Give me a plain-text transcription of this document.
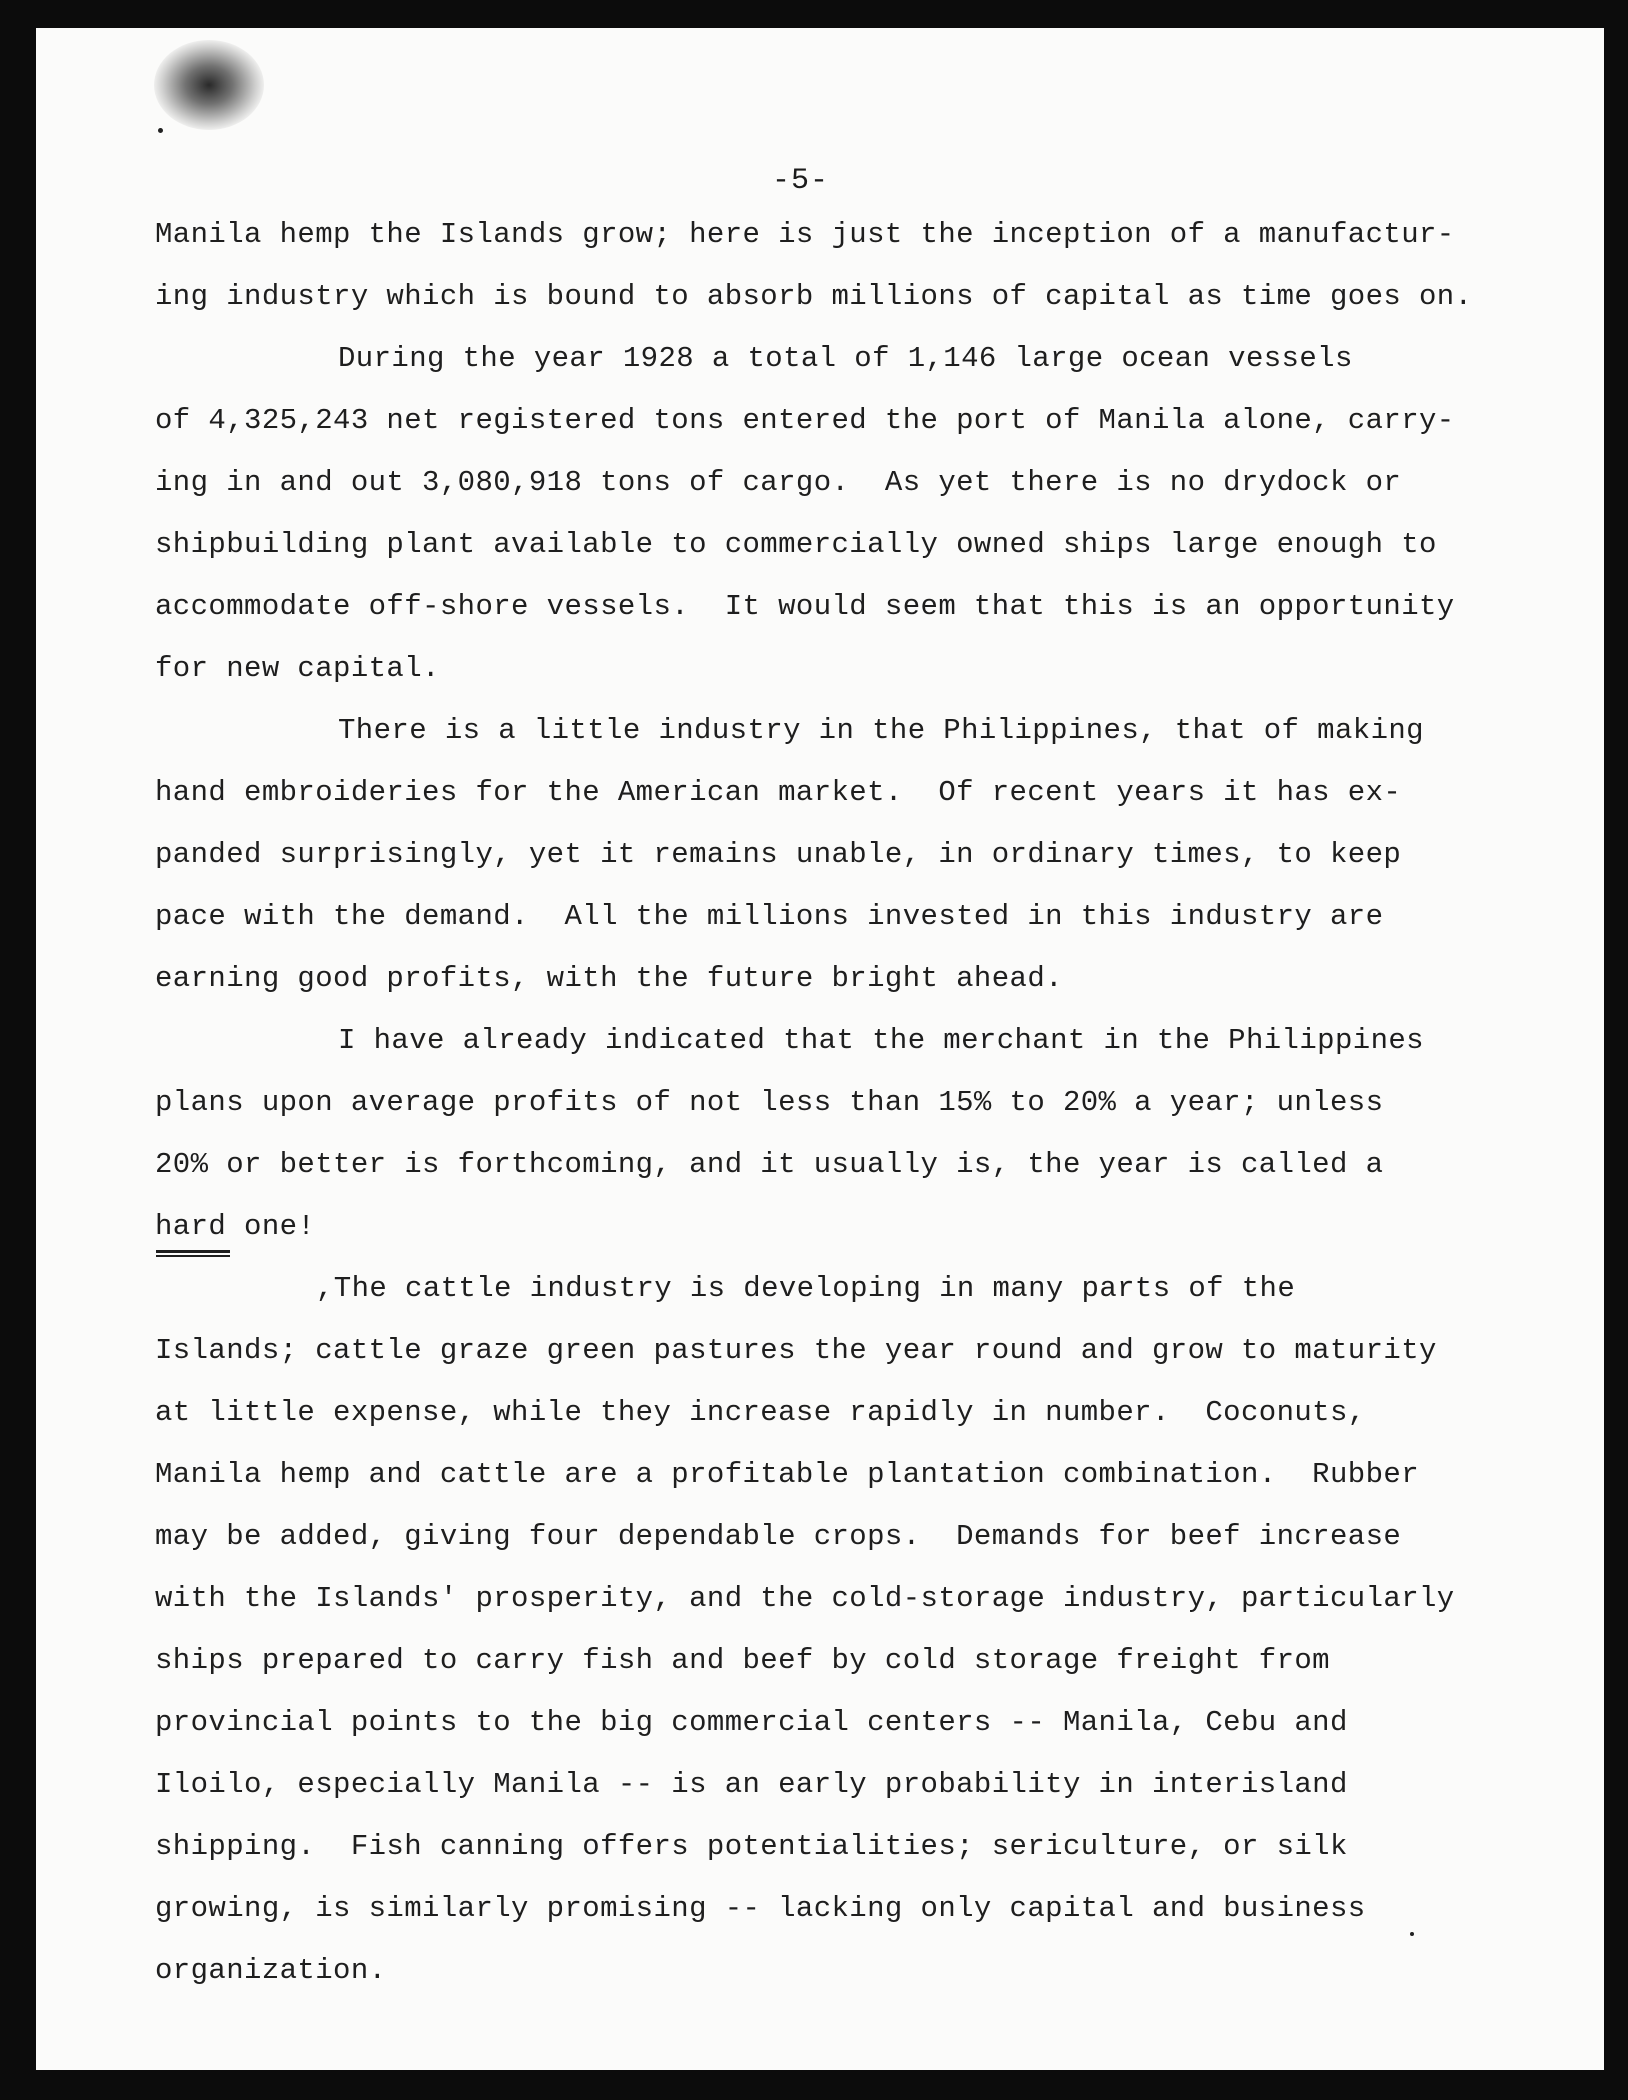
-5-
Manila hemp the Islands grow; here is just the inception of a manufactur-
ing industry which is bound to absorb millions of capital as time goes on.
During the year 1928 a total of 1,146 large ocean vessels
of 4,325,243 net registered tons entered the port of Manila alone, carry-
ing in and out 3,080,918 tons of cargo.  As yet there is no drydock or
shipbuilding plant available to commercially owned ships large enough to
accommodate off-shore vessels.  It would seem that this is an opportunity
for new capital.
There is a little industry in the Philippines, that of making
hand embroideries for the American market.  Of recent years it has ex-
panded surprisingly, yet it remains unable, in ordinary times, to keep
pace with the demand.  All the millions invested in this industry are
earning good profits, with the future bright ahead.
I have already indicated that the merchant in the Philippines
plans upon average profits of not less than 15% to 20% a year; unless
20% or better is forthcoming, and it usually is, the year is called a
hard one!
,The cattle industry is developing in many parts of the
Islands; cattle graze green pastures the year round and grow to maturity
at little expense, while they increase rapidly in number.  Coconuts,
Manila hemp and cattle are a profitable plantation combination.  Rubber
may be added, giving four dependable crops.  Demands for beef increase
with the Islands' prosperity, and the cold-storage industry, particularly
ships prepared to carry fish and beef by cold storage freight from
provincial points to the big commercial centers -- Manila, Cebu and
Iloilo, especially Manila -- is an early probability in interisland
shipping.  Fish canning offers potentialities; sericulture, or silk
growing, is similarly promising -- lacking only capital and business
organization.
